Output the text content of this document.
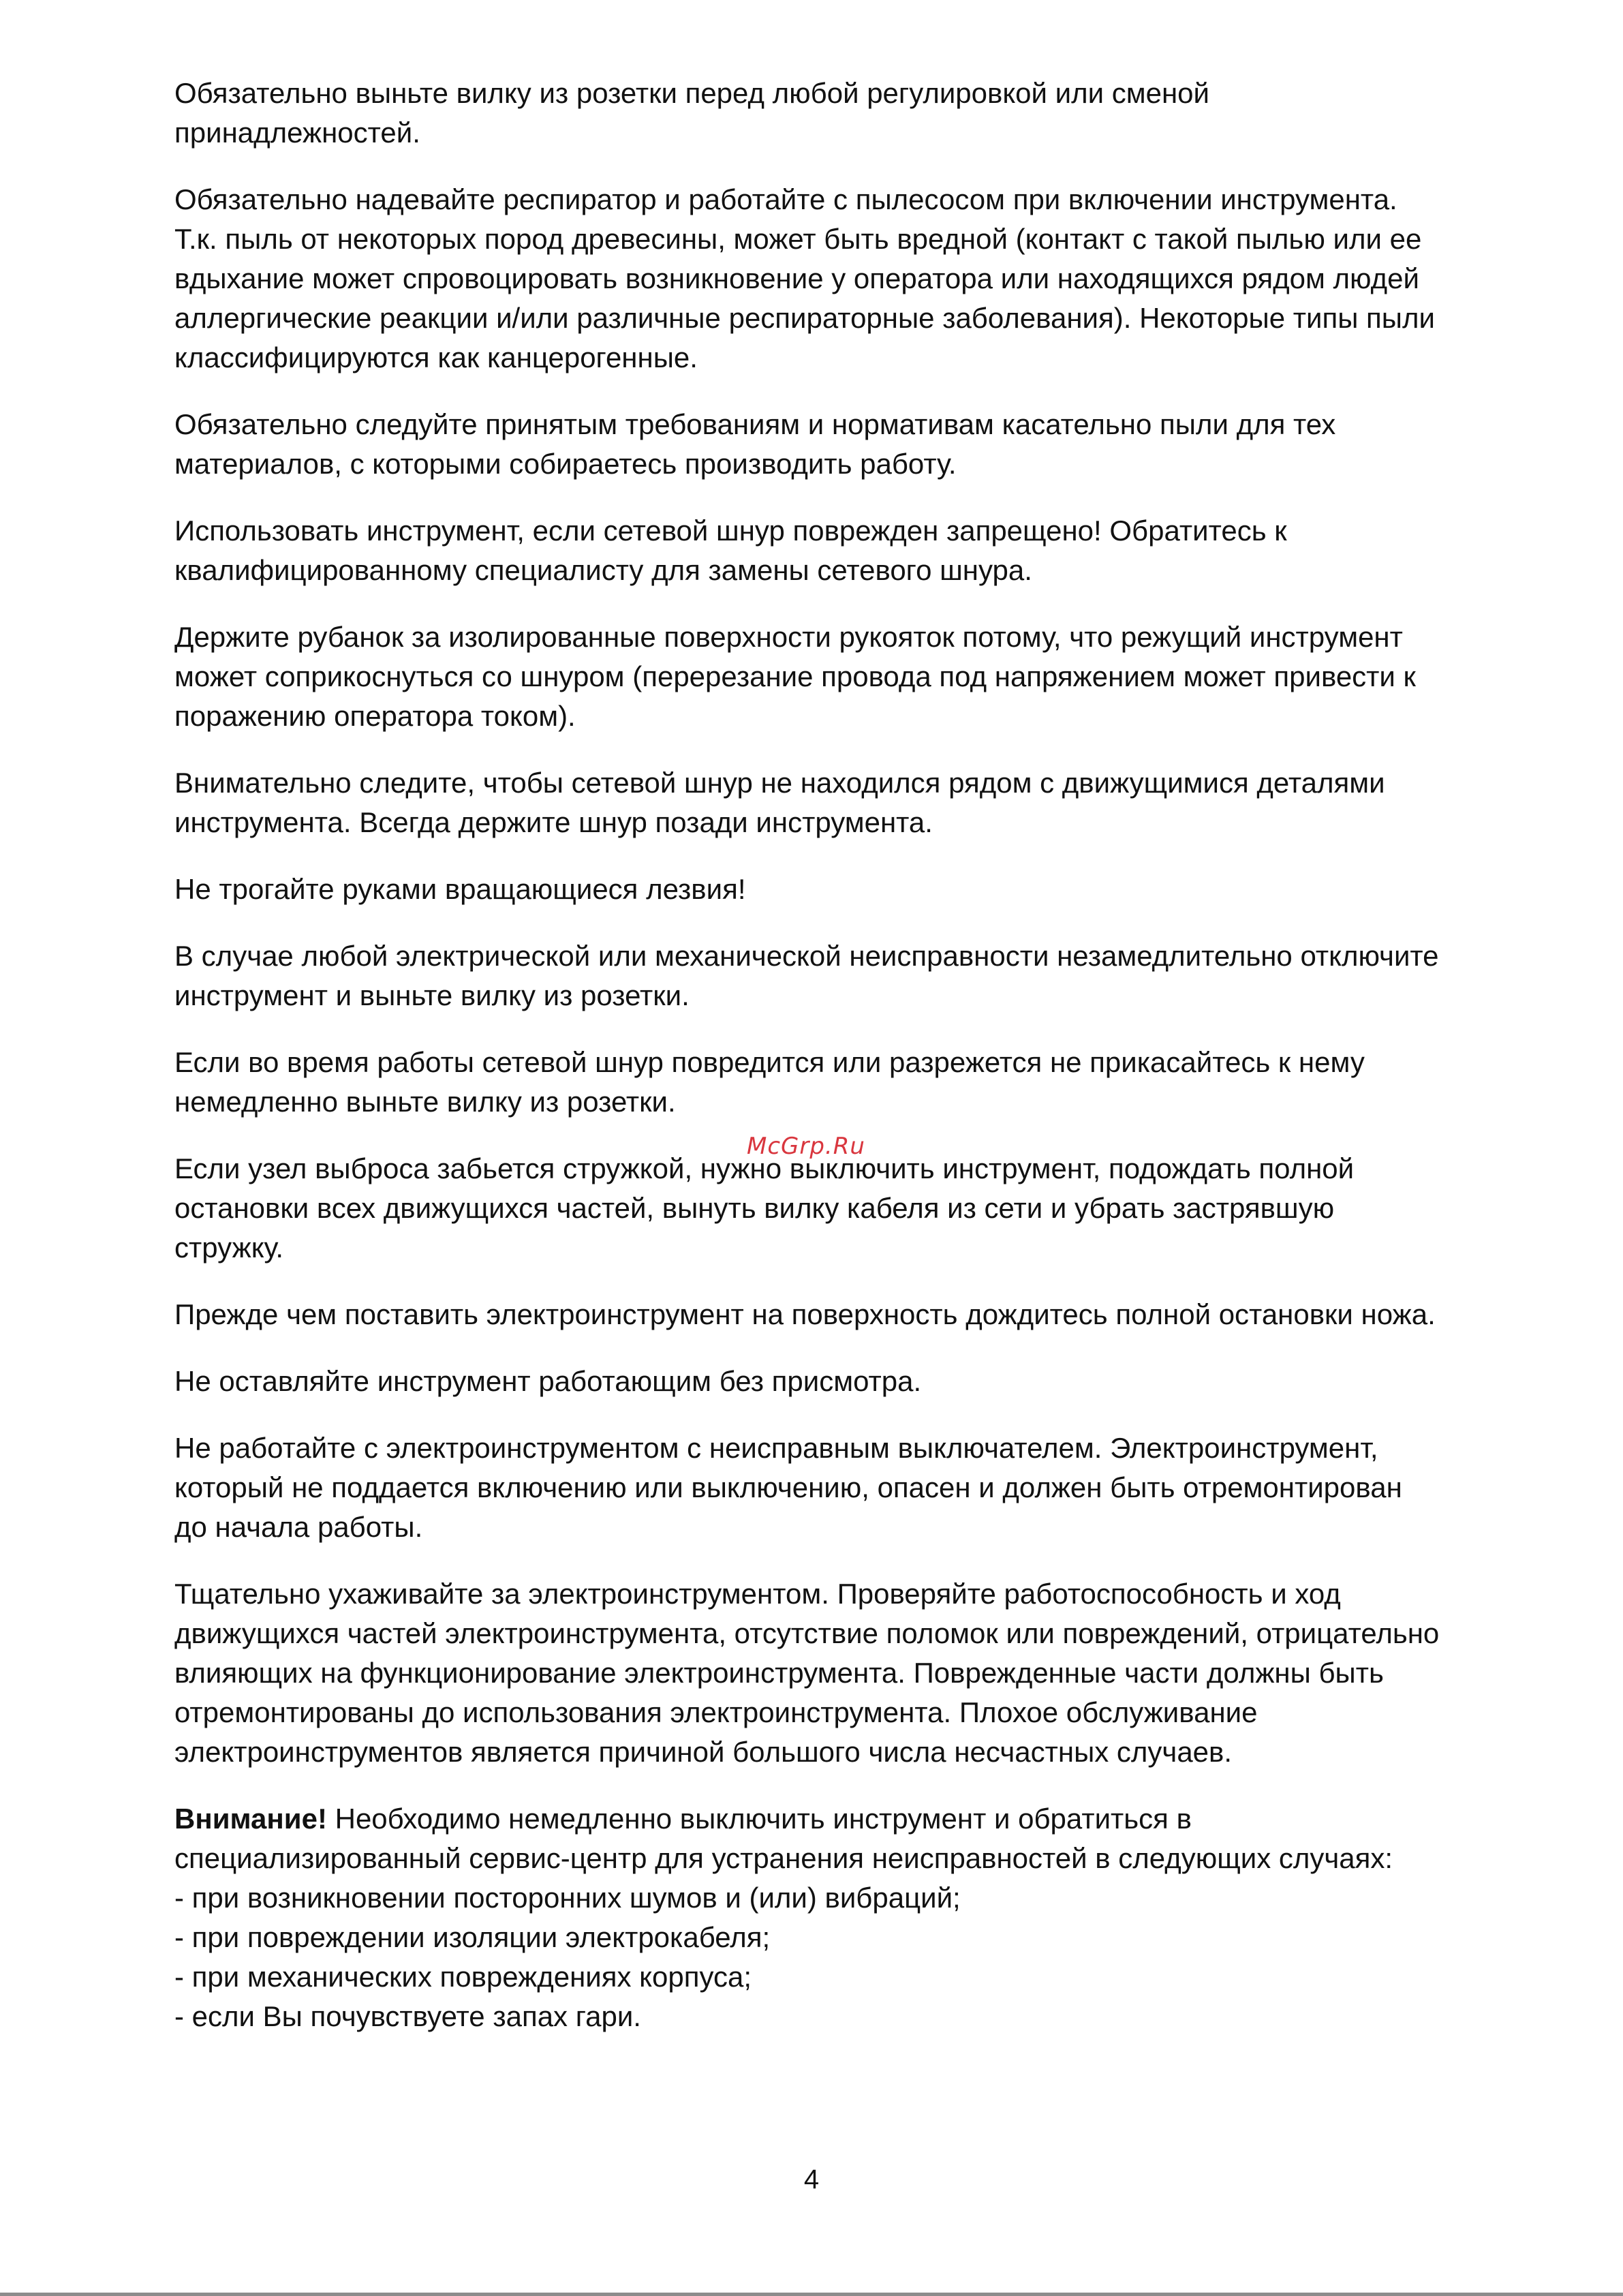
Обязательно выньте вилку из розетки перед любой регулировкой или сменой
принадлежностей.
Обязательно надевайте респиратор и работайте с пылесосом при включении инструмента.
Т.к. пыль от некоторых пород древесины, может быть вредной (контакт с такой пылью или ее
вдыхание может спровоцировать возникновение у оператора или находящихся рядом людей
аллергические реакции и/или различные респираторные заболевания). Некоторые типы пыли
классифицируются как канцерогенные.
Обязательно следуйте принятым требованиям и нормативам касательно пыли для тех
материалов, с которыми собираетесь производить работу.
Использовать инструмент, если сетевой шнур поврежден запрещено! Обратитесь к
квалифицированному специалисту для замены сетевого шнура.
Держите рубанок за изолированные поверхности рукояток потому, что режущий инструмент
может соприкоснуться со шнуром (перерезание провода под напряжением может привести к
поражению оператора током).
Внимательно следите, чтобы сетевой шнур не находился рядом с движущимися деталями
инструмента. Всегда держите шнур позади инструмента.
Не трогайте руками вращающиеся лезвия!
В случае любой электрической или механической неисправности незамедлительно отключите
инструмент и выньте вилку из розетки.
Если во время работы сетевой шнур повредится или разрежется не прикасайтесь к нему
немедленно выньте вилку из розетки.
Если узел выброса забьется стружкой, нужно выключить инструмент, подождать полной
остановки всех движущихся частей, вынуть вилку кабеля из сети и убрать застрявшую
стружку.
Прежде чем поставить электроинструмент на поверхность дождитесь полной остановки ножа.
Не оставляйте инструмент работающим без присмотра.
Не работайте с электроинструментом с неисправным выключателем. Электроинструмент,
который не поддается включению или выключению, опасен и должен быть отремонтирован
до начала работы.
Тщательно ухаживайте за электроинструментом. Проверяйте работоспособность и ход
движущихся частей электроинструмента, отсутствие поломок или повреждений, отрицательно
влияющих на функционирование электроинструмента. Поврежденные части должны быть
отремонтированы до использования электроинструмента. Плохое обслуживание
электроинструментов является причиной большого числа несчастных случаев.
Внимание! Необходимо немедленно выключить инструмент и обратиться в
специализированный сервис-центр для устранения неисправностей в следующих случаях:
- при возникновении посторонних шумов и (или) вибраций;
- при повреждении изоляции электрокабеля;
- при механических повреждениях корпуса;
- если Вы почувствуете запах гари.
McGrp.Ru
4
